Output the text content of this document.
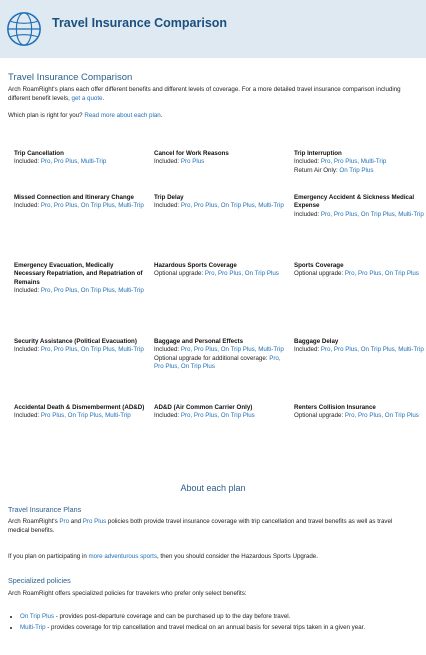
Travel Insurance Comparison
Travel Insurance Comparison

Arch RoamRight's plans each offer different benefits and different levels of coverage. For a more detailed travel insurance comparison including different benefit levels, get a quote.

Which plan is right for you? Read more about each plan.

Trip Cancellation
Included: Pro, Pro Plus, Multi-Trip
Cancel for Work Reasons
Included: Pro Plus
Trip Interruption
Included: Pro, Pro Plus, Multi-Trip
Return Air Only: On Trip Plus
Missed Connection and Itinerary Change
Included: Pro, Pro Plus, On Trip Plus, Multi-Trip
Trip Delay
Included: Pro, Pro Plus, On Trip Plus, Multi-Trip
Emergency Accident & Sickness Medical Expense
Included: Pro, Pro Plus, On Trip Plus, Multi-Trip
Emergency Evacuation, Medically Necessary Repatriation, and Repatriation of Remains
Included: Pro, Pro Plus, On Trip Plus, Multi-Trip
Hazardous Sports Coverage
Optional upgrade: Pro, Pro Plus, On Trip Plus
Sports Coverage
Optional upgrade: Pro, Pro Plus, On Trip Plus
Security Assistance (Political Evacuation)
Included: Pro, Pro Plus, On Trip Plus, Multi-Trip
Baggage and Personal Effects
Included: Pro, Pro Plus, On Trip Plus, Multi-Trip
Optional upgrade for additional coverage: Pro, Pro Plus, On Trip Plus
Baggage Delay
Included: Pro, Pro Plus, On Trip Plus, Multi-Trip
Accidental Death & Dismemberment (AD&D)
Included: Pro Plus, On Trip Plus, Multi-Trip
AD&D (Air Common Carrier Only)
Included: Pro, Pro Plus, On Trip Plus
Renters Collision Insurance
Optional upgrade: Pro, Pro Plus, On Trip Plus
About each plan
Travel Insurance Plans
Arch RoamRight's Pro and Pro Plus policies both provide travel insurance coverage with trip cancellation and travel benefits as well as travel medical benefits.
If you plan on participating in more adventurous sports, then you should consider the Hazardous Sports Upgrade.
Specialized policies
Arch RoamRight offers specialized policies for travelers who prefer only select benefits:
• On Trip Plus - provides post-departure coverage and can be purchased up to the day before travel.
• Multi-Trip - provides coverage for trip cancellation and travel medical on an annual basis for several trips taken in a given year.
